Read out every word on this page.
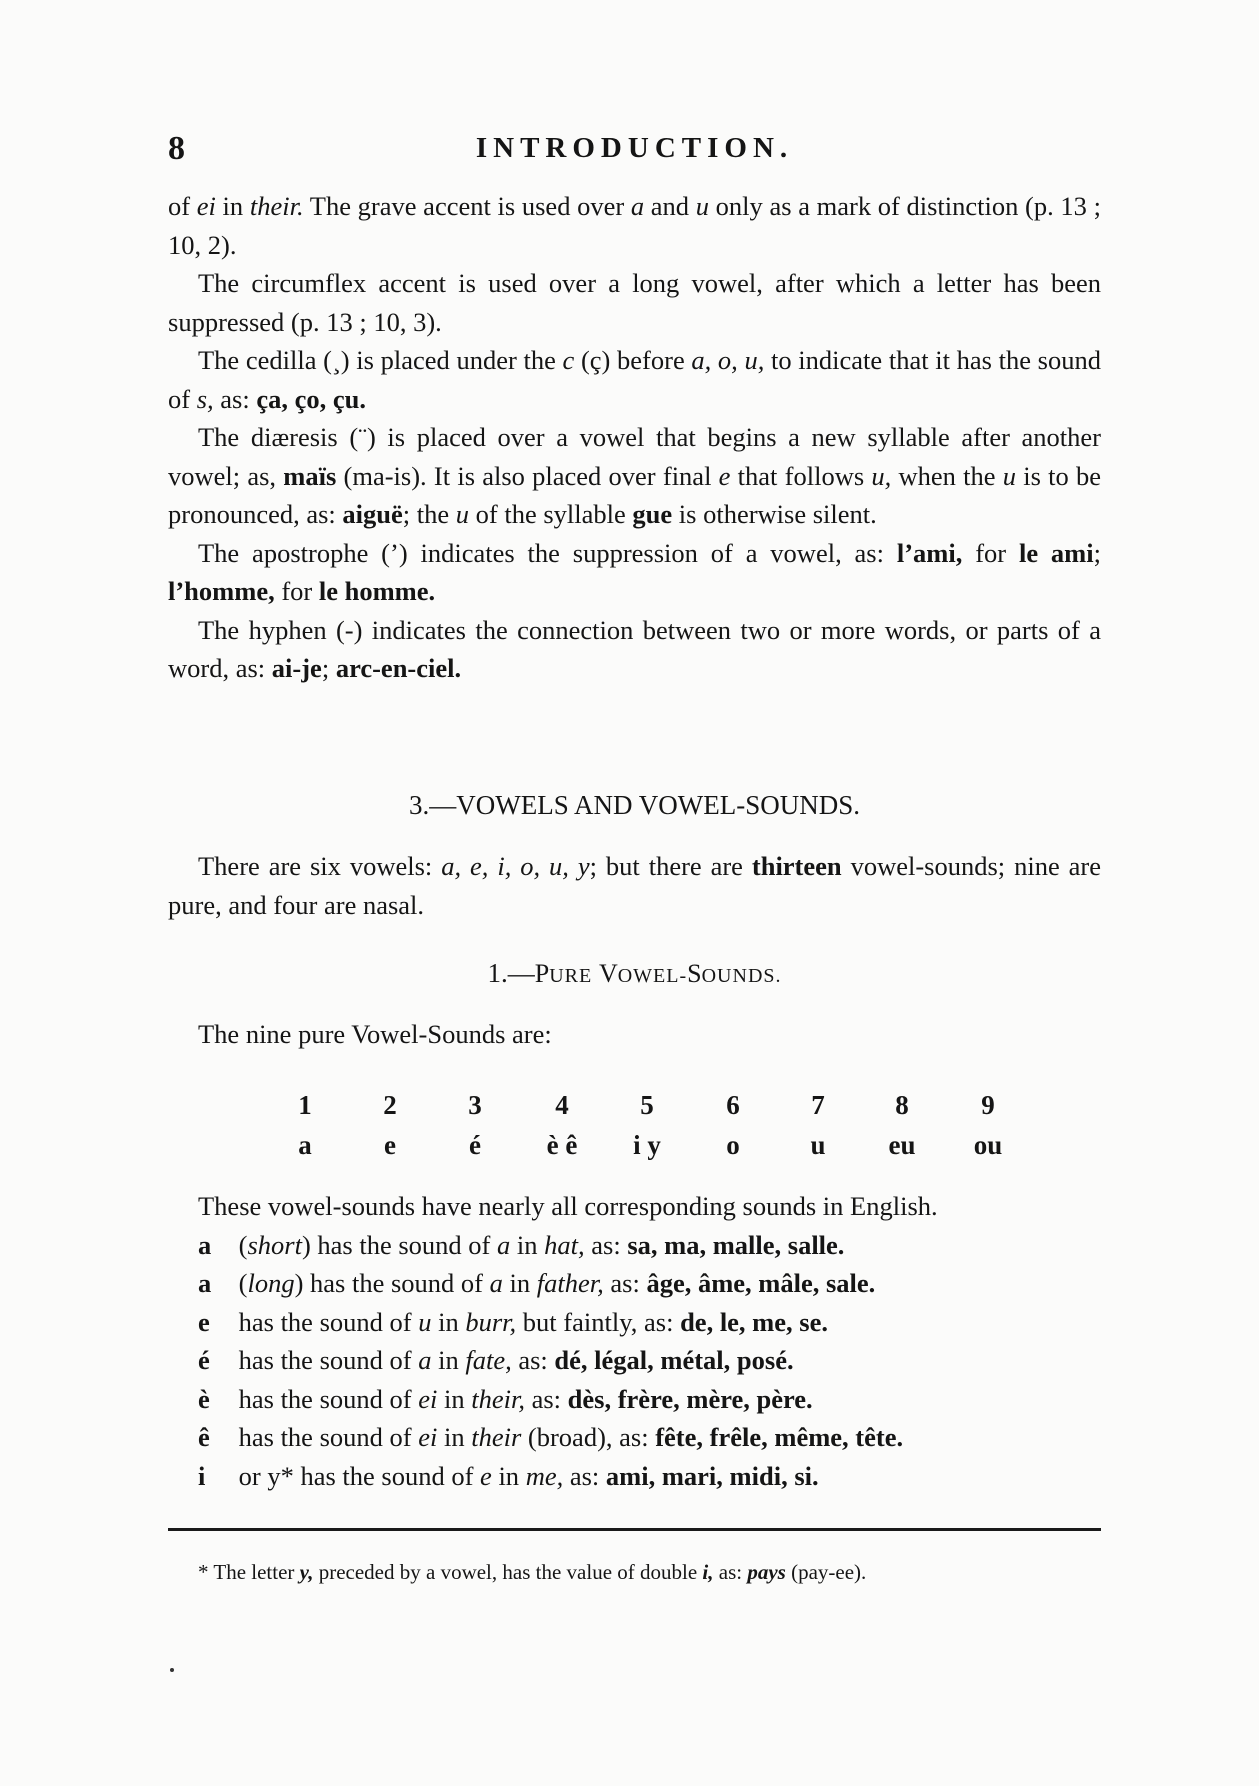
8	INTRODUCTION.

of ei in their. The grave accent is used over a and u only as a mark of distinction (p. 13 ; 10, 2).

The circumflex accent is used over a long vowel, after which a letter has been suppressed (p. 13 ; 10, 3).

The cedilla (¸) is placed under the c (ç) before a, o, u, to indicate that it has the sound of s, as: ça, ço, çu.

The diæresis (¨) is placed over a vowel that begins a new syllable after another vowel; as, maïs (ma-is). It is also placed over final e that follows u, when the u is to be pronounced, as: aiguë; the u of the syllable gue is otherwise silent.

The apostrophe (’) indicates the suppression of a vowel, as: l’ami, for le ami; l’homme, for le homme.

The hyphen (-) indicates the connection between two or more words, or parts of a word, as: ai-je; arc-en-ciel.

3.—VOWELS AND VOWEL-SOUNDS.

There are six vowels: a, e, i, o, u, y; but there are thirteen vowel-sounds; nine are pure, and four are nasal.

1.—PURE VOWEL-SOUNDS.

The nine pure Vowel-Sounds are:

1	2	3	4	5	6	7	8	9
a	e	é	è ê	i y	o	u	eu	ou

These vowel-sounds have nearly all corresponding sounds in English.

a (short) has the sound of a in hat, as: sa, ma, malle, salle.

a (long) has the sound of a in father, as: âge, âme, mâle, sale.

e has the sound of u in burr, but faintly, as: de, le, me, se.

é has the sound of a in fate, as: dé, légal, métal, posé.

è has the sound of ei in their, as: dès, frère, mère, père.

ê has the sound of ei in their (broad), as: fête, frêle, même, tête.

i or y* has the sound of e in me, as: ami, mari, midi, si.

* The letter y, preceded by a vowel, has the value of double i, as: pays (pay-ee).
